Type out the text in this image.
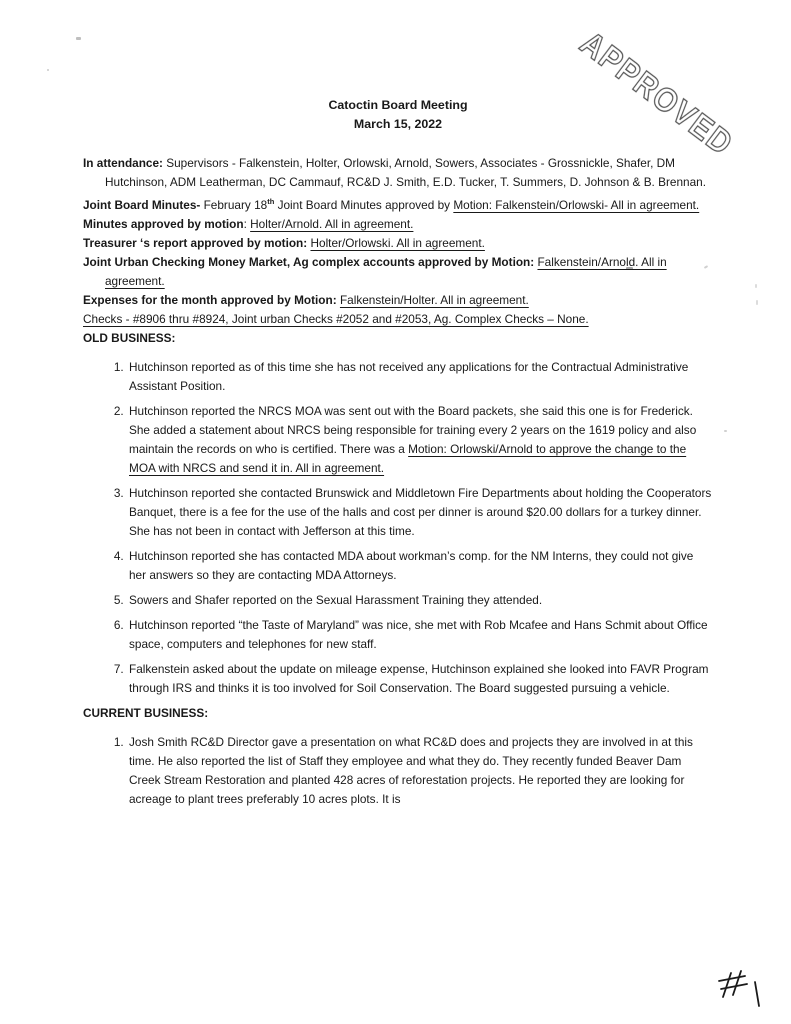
APPROVED
Catoctin Board Meeting
March 15, 2022

In attendance: Supervisors - Falkenstein, Holter, Orlowski, Arnold, Sowers, Associates - Grossnickle, Shafer, DM Hutchinson, ADM Leatherman, DC Cammauf, RC&D J. Smith, E.D. Tucker, T. Summers, D. Johnson & B. Brennan.

Joint Board Minutes- February 18th Joint Board Minutes approved by Motion: Falkenstein/Orlowski- All in agreement.

Minutes approved by motion: Holter/Arnold. All in agreement.

Treasurer ‘s report approved by motion: Holter/Orlowski. All in agreement.

Joint Urban Checking Money Market, Ag complex accounts approved by Motion: Falkenstein/Arnold. All in agreement.

Expenses for the month approved by Motion: Falkenstein/Holter. All in agreement.

Checks - #8906 thru #8924, Joint urban Checks #2052 and #2053, Ag. Complex Checks – None.

OLD BUSINESS:
1. Hutchinson reported as of this time she has not received any applications for the Contractual Administrative Assistant Position.
2. Hutchinson reported the NRCS MOA was sent out with the Board packets, she said this one is for Frederick. She added a statement about NRCS being responsible for training every 2 years on the 1619 policy and also maintain the records on who is certified. There was a Motion: Orlowski/Arnold to approve the change to the MOA with NRCS and send it in. All in agreement.
3. Hutchinson reported she contacted Brunswick and Middletown Fire Departments about holding the Cooperators Banquet, there is a fee for the use of the halls and cost per dinner is around $20.00 dollars for a turkey dinner. She has not been in contact with Jefferson at this time.
4. Hutchinson reported she has contacted MDA about workman’s comp. for the NM Interns, they could not give her answers so they are contacting MDA Attorneys.
5. Sowers and Shafer reported on the Sexual Harassment Training they attended.
6. Hutchinson reported “the Taste of Maryland” was nice, she met with Rob Mcafee and Hans Schmit about Office space, computers and telephones for new staff.
7. Falkenstein asked about the update on mileage expense, Hutchinson explained she looked into FAVR Program through IRS and thinks it is too involved for Soil Conservation. The Board suggested pursuing a vehicle.
CURRENT BUSINESS:
1. Josh Smith RC&D Director gave a presentation on what RC&D does and projects they are involved in at this time. He also reported the list of Staff they employee and what they do. They recently funded Beaver Dam Creek Stream Restoration and planted 428 acres of reforestation projects. He reported they are looking for acreage to plant trees preferably 10 acres plots. It is
